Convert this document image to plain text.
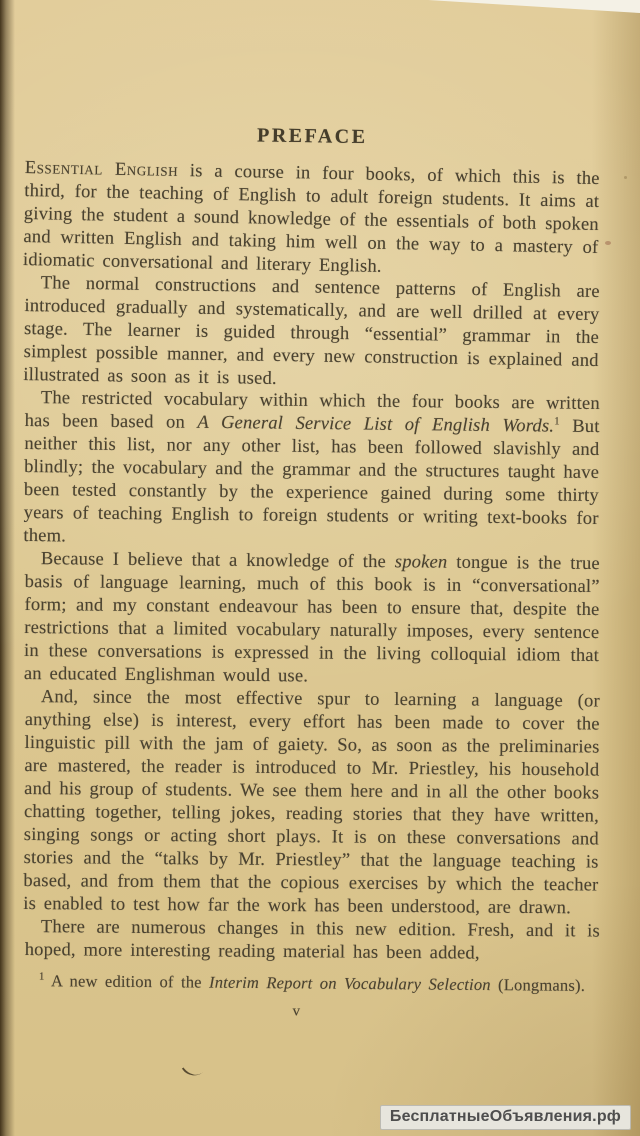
PREFACE

Essential English is a course in four books, of which this is the third, for the teaching of English to adult foreign students. It aims at giving the student a sound knowledge of the essentials of both spoken and written English and taking him well on the way to a mastery of idiomatic conversational and literary English.

The normal constructions and sentence patterns of English are introduced gradually and systematically, and are well drilled at every stage. The learner is guided through “essential” grammar in the simplest possible manner, and every new construction is explained and illustrated as soon as it is used.

The restricted vocabulary within which the four books are written has been based on A General Service List of English Words.$^1$ But neither this list, nor any other list, has been followed slavishly and blindly; the vocabulary and the grammar and the structures taught have been tested constantly by the experience gained during some thirty years of teaching English to foreign students or writing text-books for them.

Because I believe that a knowledge of the spoken tongue is the true basis of language learning, much of this book is in “conversational” form; and my constant endeavour has been to ensure that, despite the restrictions that a limited vocabulary naturally imposes, every sentence in these conversations is expressed in the living colloquial idiom that an educated Englishman would use.

And, since the most effective spur to learning a language (or anything else) is interest, every effort has been made to cover the linguistic pill with the jam of gaiety. So, as soon as the preliminaries are mastered, the reader is introduced to Mr. Priestley, his household and his group of students. We see them here and in all the other books chatting together, telling jokes, reading stories that they have written, singing songs or acting short plays. It is on these conversations and stories and the “talks by Mr. Priestley” that the language teaching is based, and from them that the copious exercises by which the teacher is enabled to test how far the work has been understood, are drawn.

There are numerous changes in this new edition. Fresh, and it is hoped, more interesting reading material has been added,

$^1$ A new edition of the Interim Report on Vocabulary Selection (Longmans).

v

БесплатныеОбъявления.рф
